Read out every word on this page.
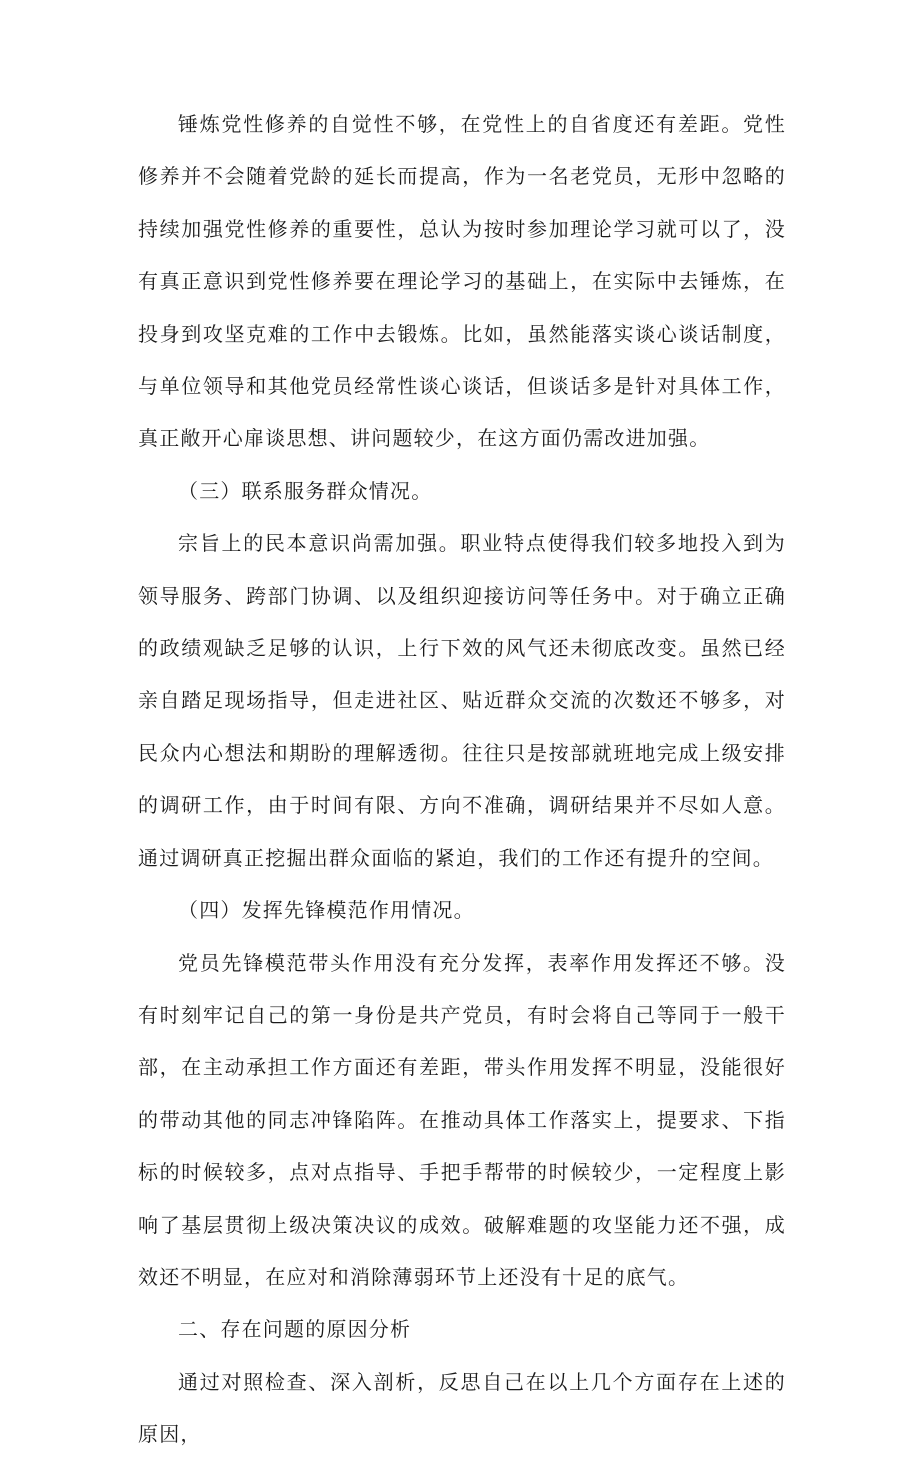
锤炼党性修养的自觉性不够，在党性上的自省度还有差距。党性修养并不会随着党龄的延长而提高，作为一名老党员，无形中忽略的持续加强党性修养的重要性，总认为按时参加理论学习就可以了，没有真正意识到党性修养要在理论学习的基础上，在实际中去锤炼，在投身到攻坚克难的工作中去锻炼。比如，虽然能落实谈心谈话制度，与单位领导和其他党员经常性谈心谈话，但谈话多是针对具体工作，真正敞开心扉谈思想、讲问题较少，在这方面仍需改进加强。

（三）联系服务群众情况。

宗旨上的民本意识尚需加强。职业特点使得我们较多地投入到为领导服务、跨部门协调、以及组织迎接访问等任务中。对于确立正确的政绩观缺乏足够的认识，上行下效的风气还未彻底改变。虽然已经亲自踏足现场指导，但走进社区、贴近群众交流的次数还不够多，对民众内心想法和期盼的理解透彻。往往只是按部就班地完成上级安排的调研工作，由于时间有限、方向不准确，调研结果并不尽如人意。通过调研真正挖掘出群众面临的紧迫，我们的工作还有提升的空间。

（四）发挥先锋模范作用情况。

党员先锋模范带头作用没有充分发挥，表率作用发挥还不够。没有时刻牢记自己的第一身份是共产党员，有时会将自己等同于一般干部，在主动承担工作方面还有差距，带头作用发挥不明显，没能很好的带动其他的同志冲锋陷阵。在推动具体工作落实上，提要求、下指标的时候较多，点对点指导、手把手帮带的时候较少，一定程度上影响了基层贯彻上级决策决议的成效。破解难题的攻坚能力还不强，成效还不明显，在应对和消除薄弱环节上还没有十足的底气。

二、存在问题的原因分析

通过对照检查、深入剖析，反思自己在以上几个方面存在上述的原因，
